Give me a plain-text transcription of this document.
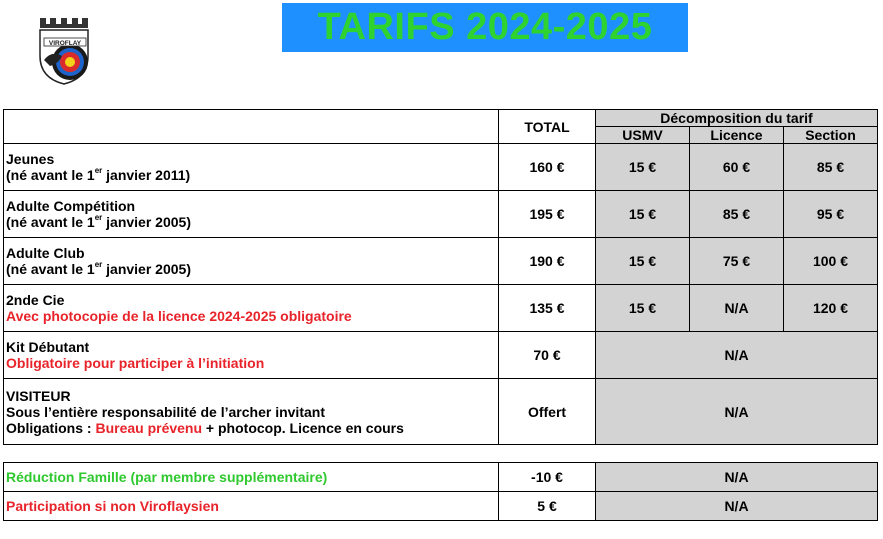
VIROFLAY	TARIFS 2024-2025
	TOTAL	Décomposition du tarif		
		USMV	Licence	Section

Jeunes
(né avant le 1er janvier 2011)	160 €	15 €	60 €	85 €

Adulte Compétition
(né avant le 1er janvier 2005)	195 €	15 €	85 €	95 €

Adulte Club
(né avant le 1er janvier 2005)	190 €	15 €	75 €	100 €

2nde Cie
Avec photocopie de la licence 2024-2025 obligatoire	135 €	15 €	N/A	120 €

Kit Débutant
Obligatoire pour participer à l’initiation	70 €	N/A		

VISITEUR
Sous l’entière responsabilité de l’archer invitant
Obligations : Bureau prévenu + photocop. Licence en cours	Offert	N/A		

Réduction Famille (par membre supplémentaire)	-10 €	N/A		
Participation si non Viroflaysien	5 €	N/A		
